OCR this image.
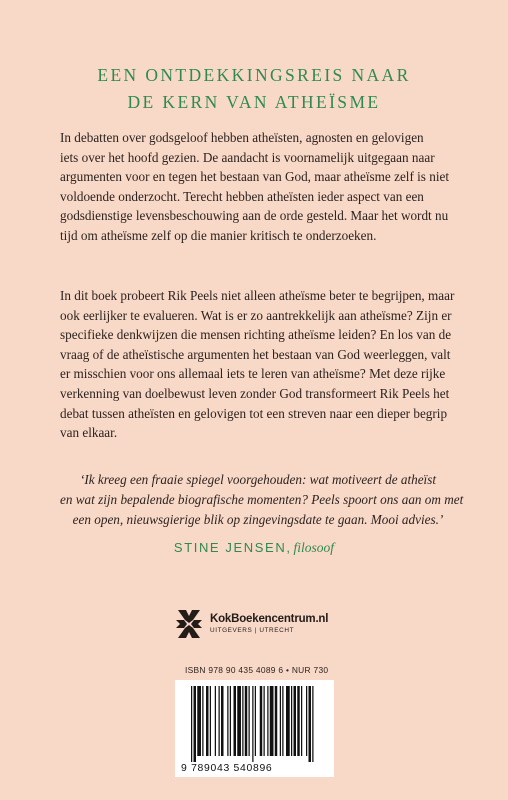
EEN ONTDEKKINGSREIS NAAR
DE KERN VAN ATHEÏSME
In debatten over godsgeloof hebben atheïsten, agnosten en gelovigen
iets over het hoofd gezien. De aandacht is voornamelijk uitgegaan naar
argumenten voor en tegen het bestaan van God, maar atheïsme zelf is niet
voldoende onderzocht. Terecht hebben atheïsten ieder aspect van een
godsdienstige levensbeschouwing aan de orde gesteld. Maar het wordt nu
tijd om atheïsme zelf op die manier kritisch te onderzoeken.
In dit boek probeert Rik Peels niet alleen atheïsme beter te begrijpen, maar
ook eerlijker te evalueren. Wat is er zo aantrekkelijk aan atheïsme? Zijn er
specifieke denkwijzen die mensen richting atheïsme leiden? En los van de
vraag of de atheïstische argumenten het bestaan van God weerleggen, valt
er misschien voor ons allemaal iets te leren van atheïsme? Met deze rijke
verkenning van doelbewust leven zonder God transformeert Rik Peels het
debat tussen atheïsten en gelovigen tot een streven naar een dieper begrip
van elkaar.
‘Ik kreeg een fraaie spiegel voorgehouden: wat motiveert de atheïst
en wat zijn bepalende biografische momenten? Peels spoort ons aan om met
een open, nieuwsgierige blik op zingevingsdate te gaan. Mooi advies.’
STINE JENSEN, filosoof
KokBoekencentrum.nl
UITGEVERS | UTRECHT
ISBN 978 90 435 4089 6 • NUR 730
9 789043 540896
